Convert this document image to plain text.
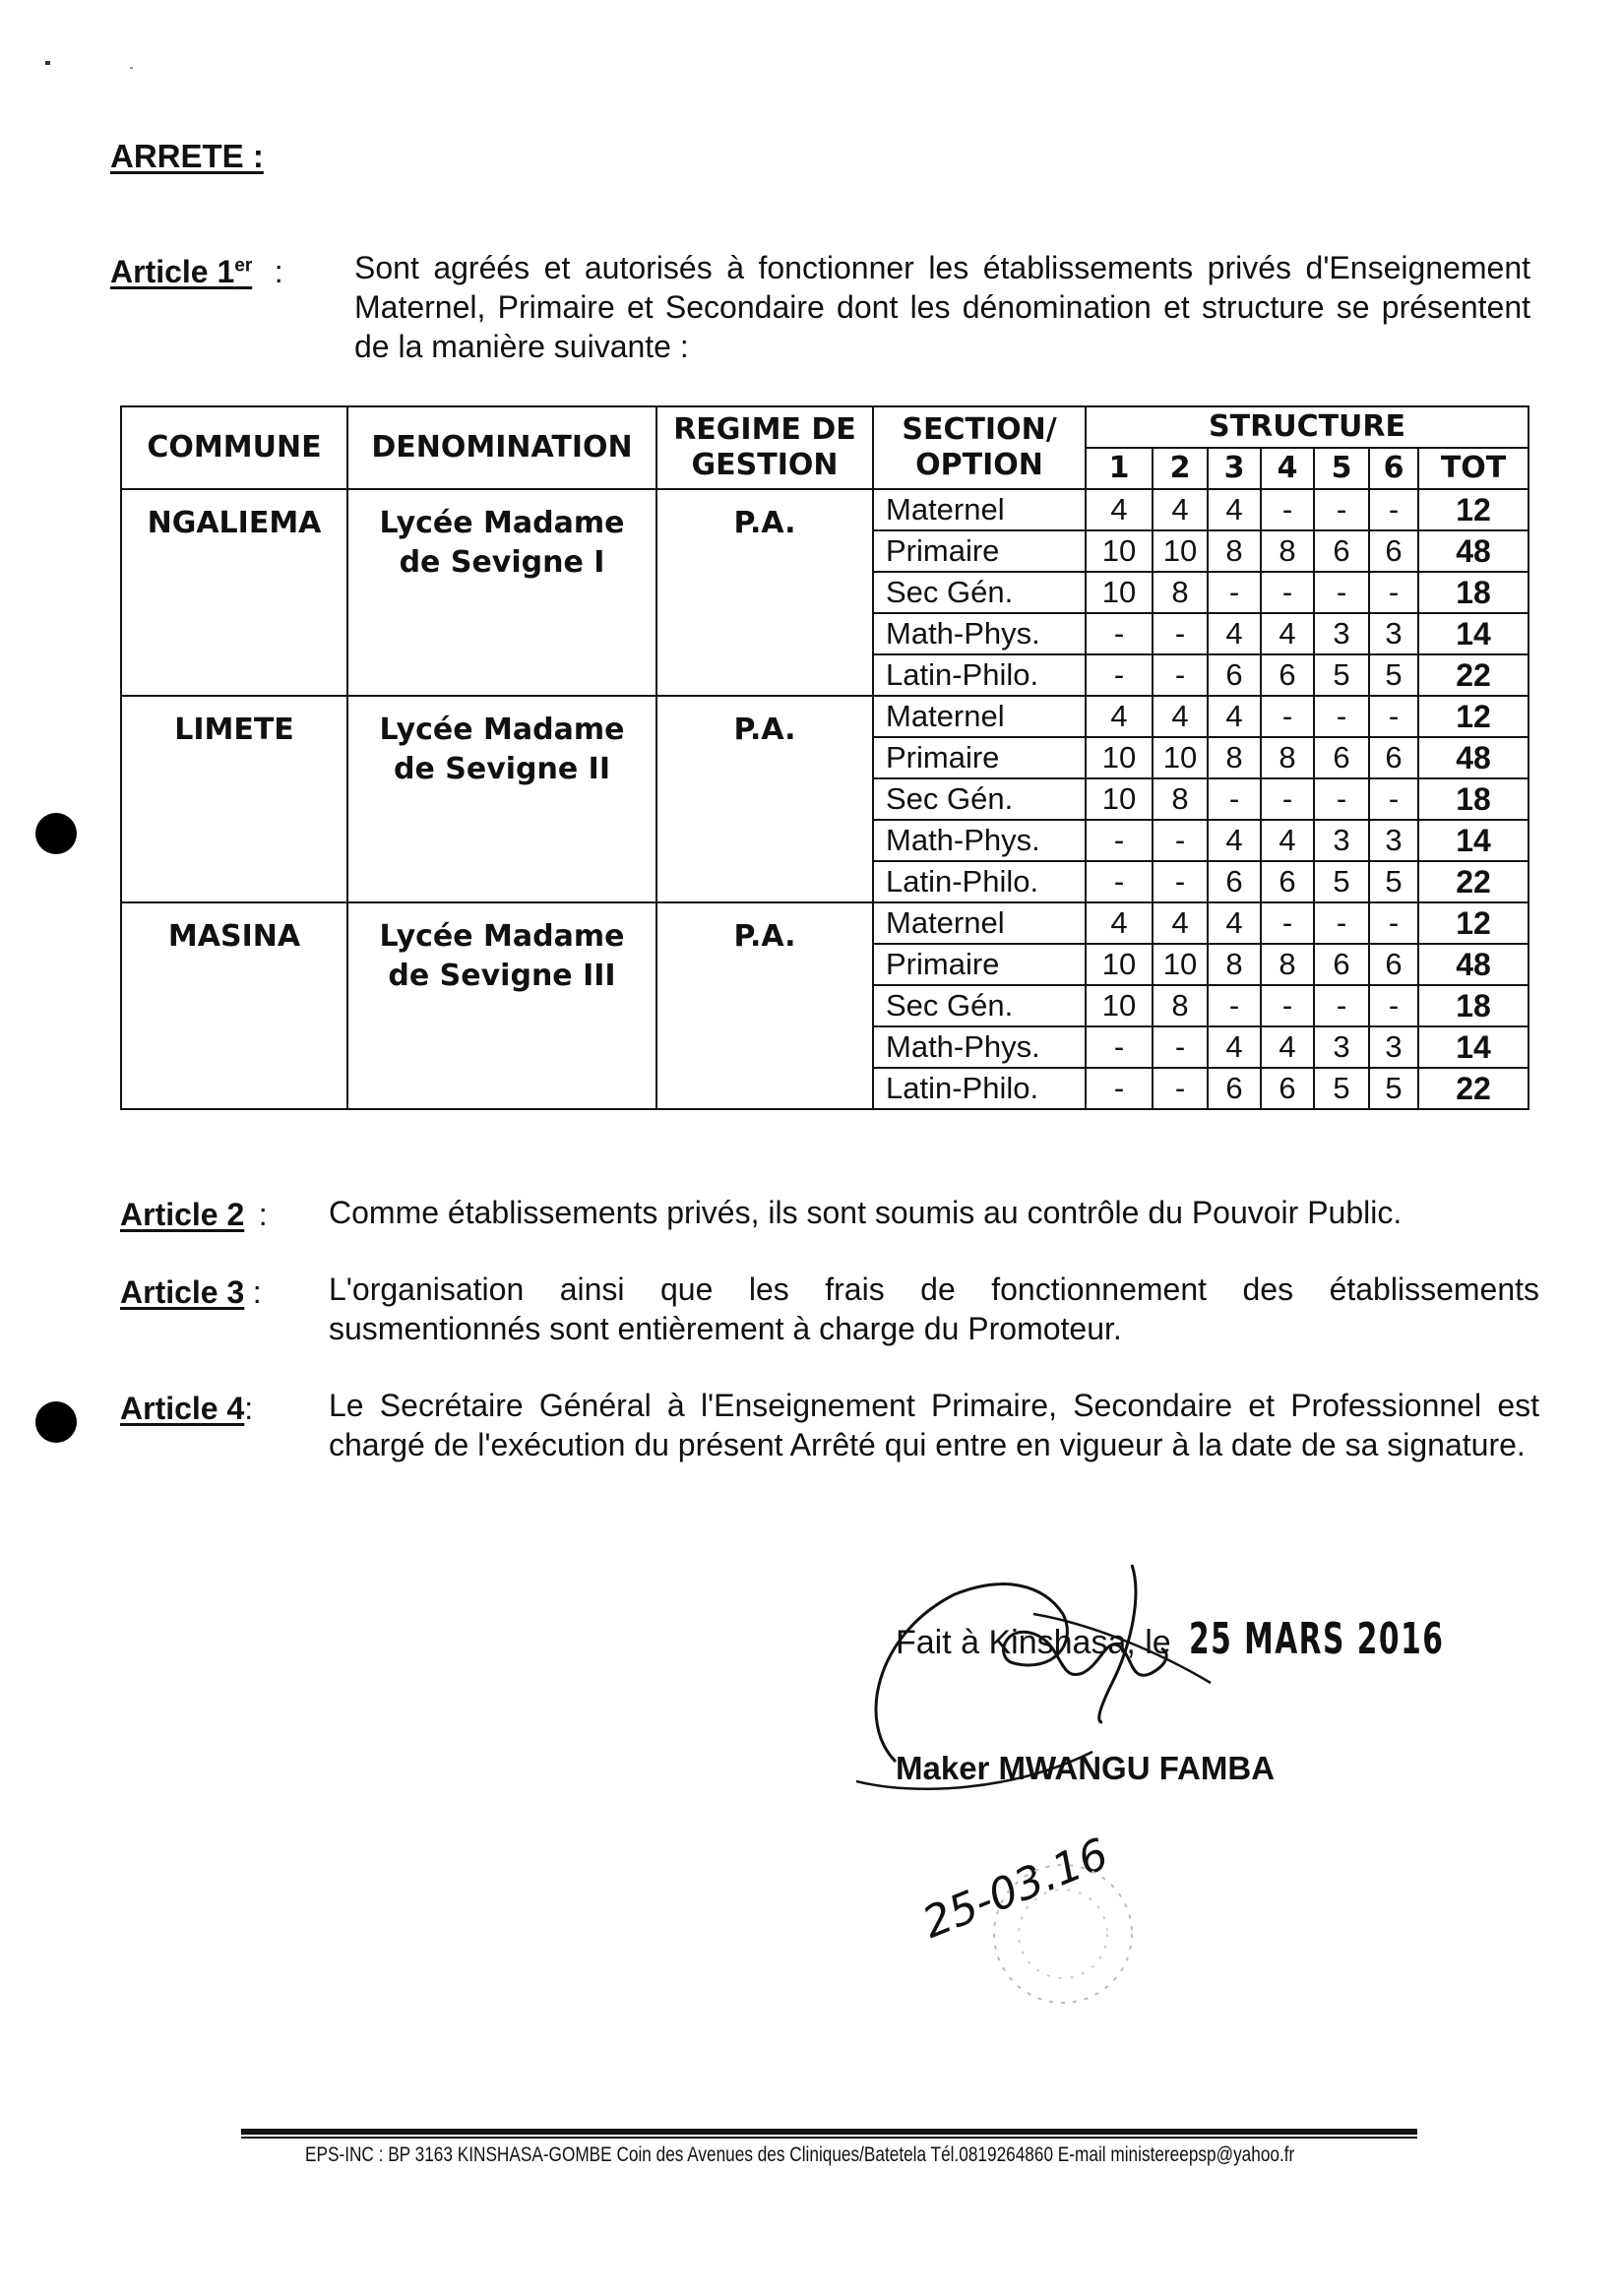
ARRETE :
Article 1er : Sont agréés et autorisés à fonctionner les établissements privés d'Enseignement Maternel, Primaire et Secondaire dont les dénomination et structure se présentent de la manière suivante :
COMMUNE	DENOMINATION	REGIME DE GESTION	SECTION/ OPTION	STRUCTURE						
				1	2	3	4	5	6	TOT
NGALIEMA	Lycée Madame de Sevigne I	P.A.	Maternel	4	4	4	-	-	-	12
			Primaire	10	10	8	8	6	6	48
			Sec Gén.	10	8	-	-	-	-	18
			Math-Phys.	-	-	4	4	3	3	14
			Latin-Philo.	-	-	6	6	5	5	22
LIMETE	Lycée Madame de Sevigne II	P.A.	Maternel	4	4	4	-	-	-	12
			Primaire	10	10	8	8	6	6	48
			Sec Gén.	10	8	-	-	-	-	18
			Math-Phys.	-	-	4	4	3	3	14
			Latin-Philo.	-	-	6	6	5	5	22
MASINA	Lycée Madame de Sevigne III	P.A.	Maternel	4	4	4	-	-	-	12
			Primaire	10	10	8	8	6	6	48
			Sec Gén.	10	8	-	-	-	-	18
			Math-Phys.	-	-	4	4	3	3	14
			Latin-Philo.	-	-	6	6	5	5	22
Article 2 : Comme établissements privés, ils sont soumis au contrôle du Pouvoir Public.
Article 3 : L'organisation ainsi que les frais de fonctionnement des établissements susmentionnés sont entièrement à charge du Promoteur.
Article 4: Le Secrétaire Général à l'Enseignement Primaire, Secondaire et Professionnel est chargé de l'exécution du présent Arrêté qui entre en vigueur à la date de sa signature.
Fait à Kinshasa, le 25 MARS 2016
Maker MWANGU FAMBA
25-03.16
EPS-INC : BP 3163 KINSHASA-GOMBE Coin des Avenues des Cliniques/Batetela Tél.0819264860 E-mail ministereepsp@yahoo.fr
